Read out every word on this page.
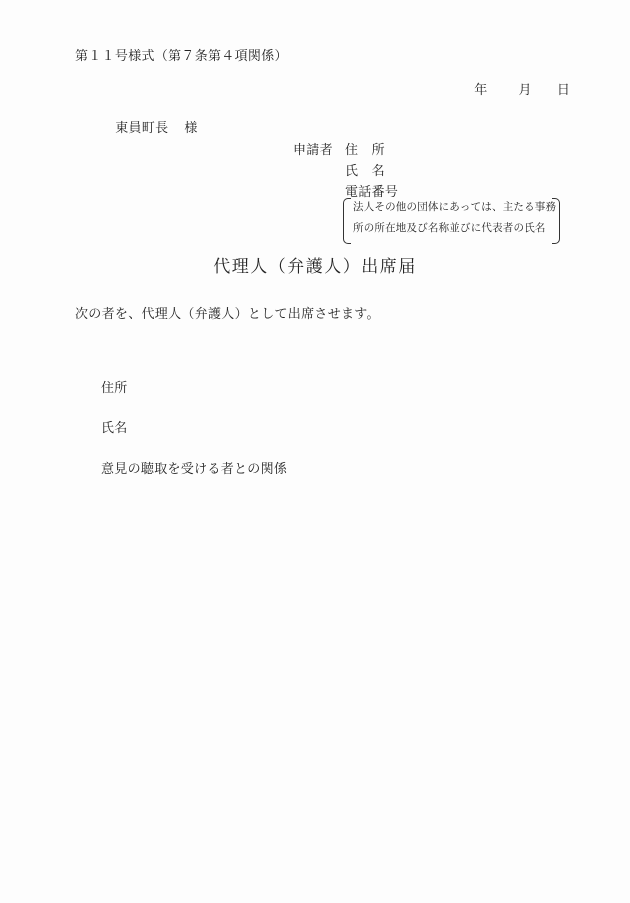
第１１号様式（第７条第４項関係）

年 月 日

東員町長 様

申請者 住　所
氏　名
電話番号
法人その他の団体にあっては、主たる事務
所の所在地及び名称並びに代表者の氏名
代理人（弁護人）出席届
次の者を、代理人（弁護人）として出席させます。
住所
氏名
意見の聴取を受ける者との関係
